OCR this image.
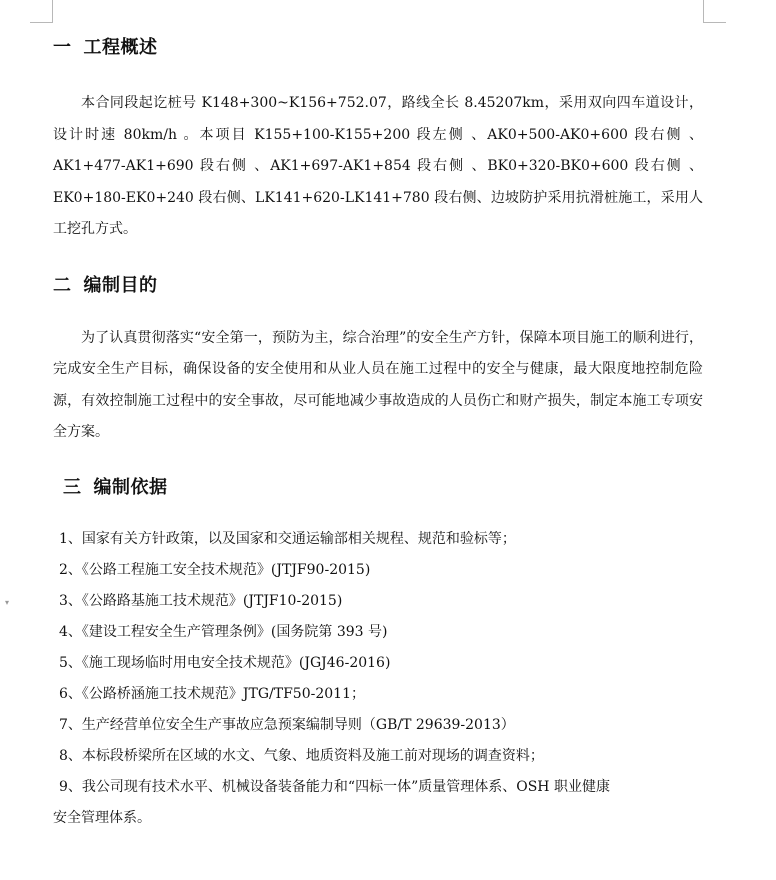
▾
一 工程概述

本合同段起讫桩号 K148+300~K156+752.07，路线全长 8.45207km，采用双向四车道设计，设计时速 80km/h 。本项目 K155+100-K155+200 段左侧 、AK0+500-AK0+600 段右侧 、AK1+477-AK1+690 段右侧 、AK1+697-AK1+854 段右侧 、BK0+320-BK0+600 段右侧 、EK0+180-EK0+240 段右侧、LK141+620-LK141+780 段右侧、边坡防护采用抗滑桩施工，采用人工挖孔方式。

二 编制目的

为了认真贯彻落实“安全第一，预防为主，综合治理”的安全生产方针，保障本项目施工的顺利进行，完成安全生产目标，确保设备的安全使用和从业人员在施工过程中的安全与健康，最大限度地控制危险源，有效控制施工过程中的安全事故，尽可能地减少事故造成的人员伤亡和财产损失，制定本施工专项安全方案。

三 编制依据
1、国家有关方针政策，以及国家和交通运输部相关规程、规范和验标等；
2、《公路工程施工安全技术规范》(JTJF90-2015)
3、《公路路基施工技术规范》(JTJF10-2015)
4、《建设工程安全生产管理条例》(国务院第 393 号)
5、《施工现场临时用电安全技术规范》(JGJ46-2016)
6、《公路桥涵施工技术规范》JTG/TF50-2011；
7、生产经营单位安全生产事故应急预案编制导则（GB/T 29639-2013）
8、本标段桥梁所在区域的水文、气象、地质资料及施工前对现场的调查资料；
9、我公司现有技术水平、机械设备装备能力和“四标一体”质量管理体系、OSH 职业健康
安全管理体系。
